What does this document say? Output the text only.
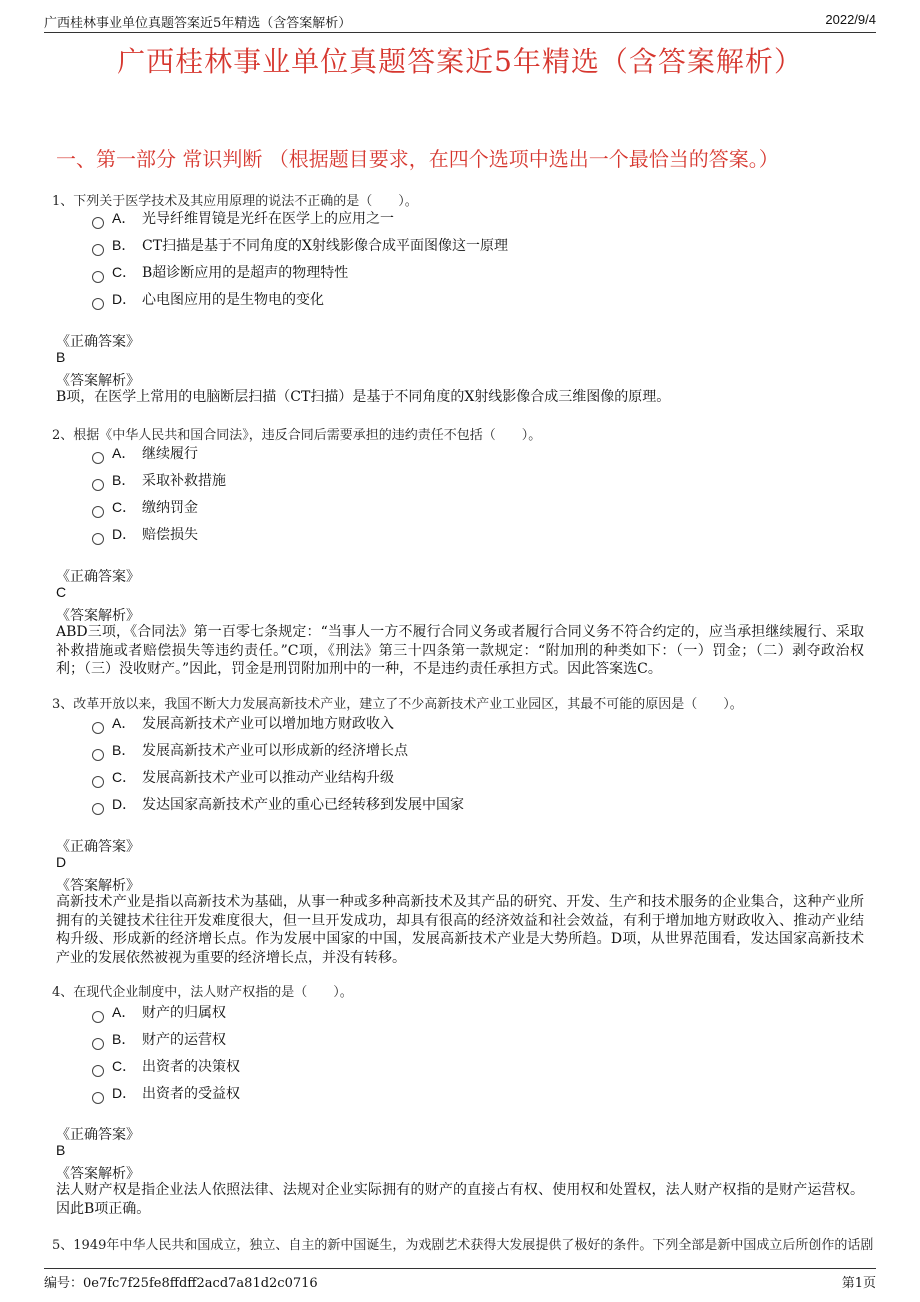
广西桂林事业单位真题答案近5年精选（含答案解析）	2022/9/4
广西桂林事业单位真题答案近5年精选（含答案解析）
一、第一部分 常识判断 （根据题目要求，在四个选项中选出一个最恰当的答案。）
1、下列关于医学技术及其应用原理的说法不正确的是（　　）。
A． 光导纤维胃镜是光纤在医学上的应用之一
B． CT扫描是基于不同角度的X射线影像合成平面图像这一原理
C． B超诊断应用的是超声的物理特性
D． 心电图应用的是生物电的变化
《正确答案》
B
《答案解析》
B项，在医学上常用的电脑断层扫描（CT扫描）是基于不同角度的X射线影像合成三维图像的原理。
2、根据《中华人民共和国合同法》，违反合同后需要承担的违约责任不包括（　　）。
A． 继续履行
B． 采取补救措施
C． 缴纳罚金
D． 赔偿损失
《正确答案》
C
《答案解析》
ABD三项，《合同法》第一百零七条规定：“当事人一方不履行合同义务或者履行合同义务不符合约定的，应当承担继续履行、采取补救措施或者赔偿损失等违约责任。”C项，《刑法》第三十四条第一款规定：“附加刑的种类如下：（一）罚金；（二）剥夺政治权利；（三）没收财产。”因此，罚金是刑罚附加刑中的一种，不是违约责任承担方式。因此答案选C。
3、改革开放以来，我国不断大力发展高新技术产业，建立了不少高新技术产业工业园区，其最不可能的原因是（　　）。
A． 发展高新技术产业可以增加地方财政收入
B． 发展高新技术产业可以形成新的经济增长点
C． 发展高新技术产业可以推动产业结构升级
D． 发达国家高新技术产业的重心已经转移到发展中国家
《正确答案》
D
《答案解析》
高新技术产业是指以高新技术为基础，从事一种或多种高新技术及其产品的研究、开发、生产和技术服务的企业集合，这种产业所拥有的关键技术往往开发难度很大，但一旦开发成功，却具有很高的经济效益和社会效益，有利于增加地方财政收入、推动产业结构升级、形成新的经济增长点。作为发展中国家的中国，发展高新技术产业是大势所趋。D项，从世界范围看，发达国家高新技术产业的发展依然被视为重要的经济增长点，并没有转移。
4、在现代企业制度中，法人财产权指的是（　　）。
A． 财产的归属权
B． 财产的运营权
C． 出资者的决策权
D． 出资者的受益权
《正确答案》
B
《答案解析》
法人财产权是指企业法人依照法律、法规对企业实际拥有的财产的直接占有权、使用权和处置权，法人财产权指的是财产运营权。因此B项正确。
5、1949年中华人民共和国成立，独立、自主的新中国诞生，为戏剧艺术获得大发展提供了极好的条件。下列全部是新中国成立后所创作的话剧
编号：0e7fc7f25fe8ffdff2acd7a81d2c0716	第1页
